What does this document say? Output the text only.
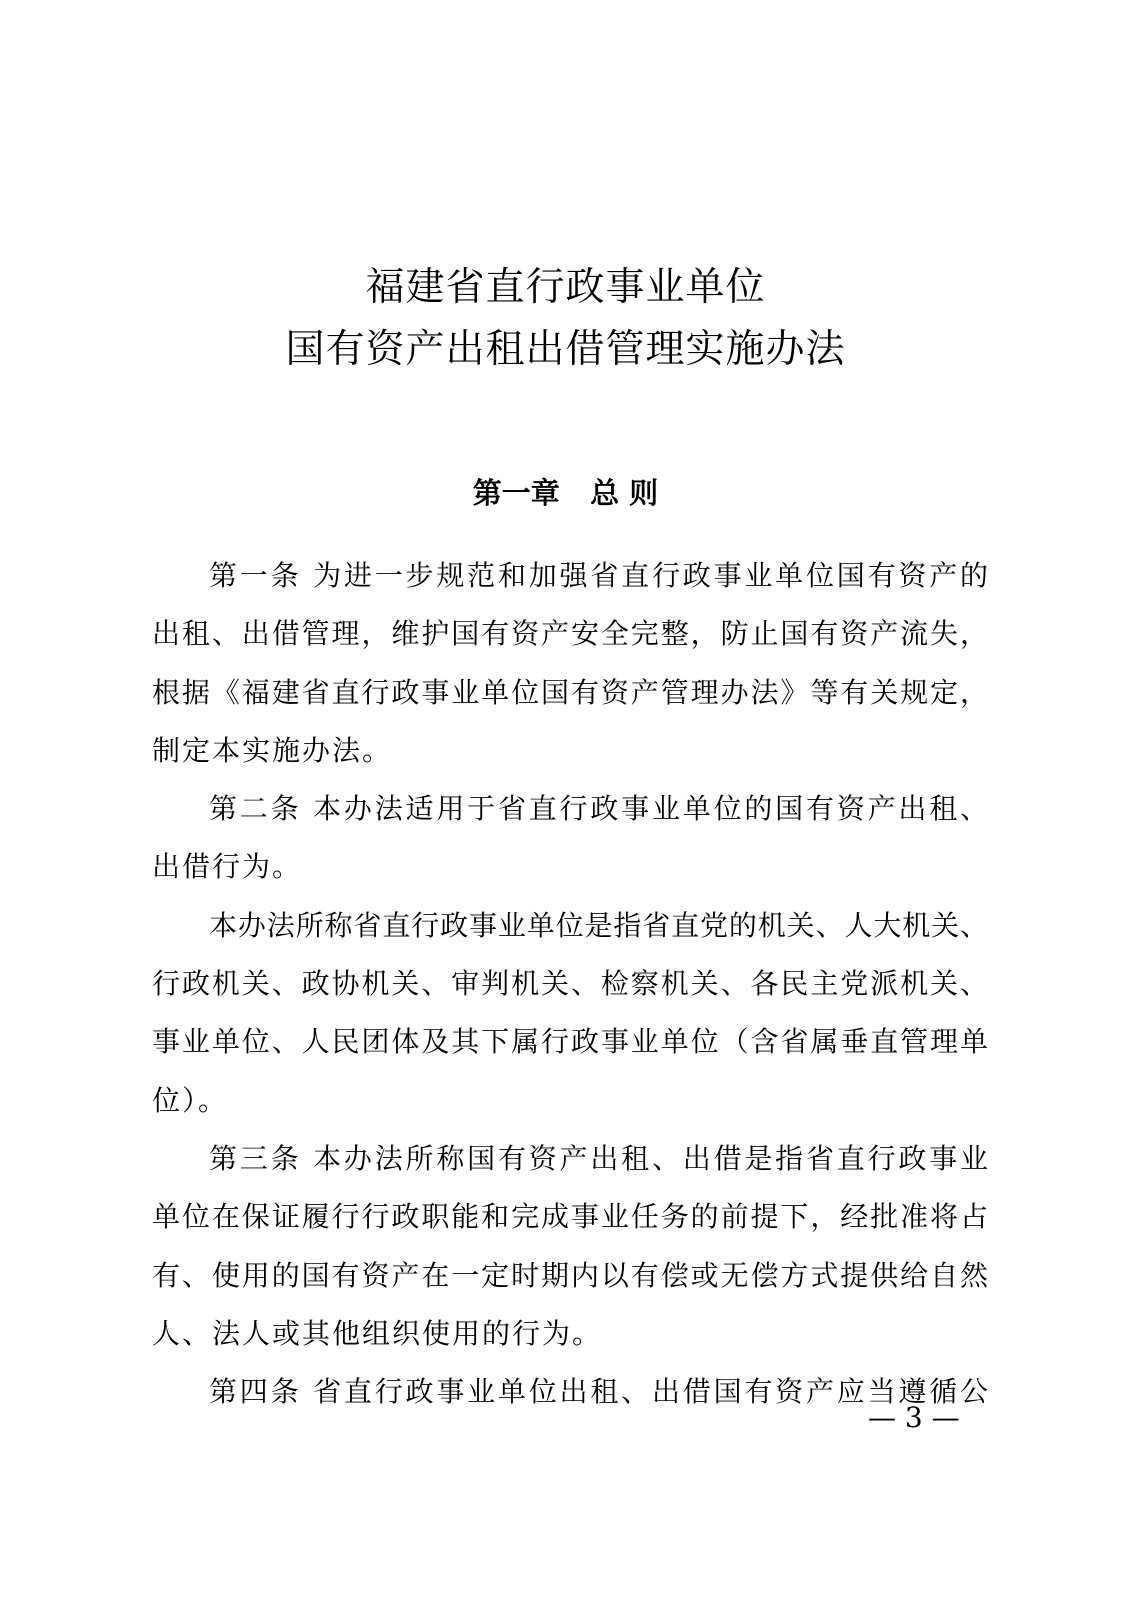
福建省直行政事业单位
国有资产出租出借管理实施办法
第一章   总 则
第一条 为进一步规范和加强省直行政事业单位国有资产的
出租、出借管理，维护国有资产安全完整，防止国有资产流失，
根据《福建省直行政事业单位国有资产管理办法》等有关规定，
制定本实施办法。
第二条 本办法适用于省直行政事业单位的国有资产出租、
出借行为。
本办法所称省直行政事业单位是指省直党的机关、人大机关、
行政机关、政协机关、审判机关、检察机关、各民主党派机关、
事业单位、人民团体及其下属行政事业单位（含省属垂直管理单
位）。
第三条 本办法所称国有资产出租、出借是指省直行政事业
单位在保证履行行政职能和完成事业任务的前提下，经批准将占
有、使用的国有资产在一定时期内以有偿或无偿方式提供给自然
人、法人或其他组织使用的行为。
第四条 省直行政事业单位出租、出借国有资产应当遵循公
— 3 —
